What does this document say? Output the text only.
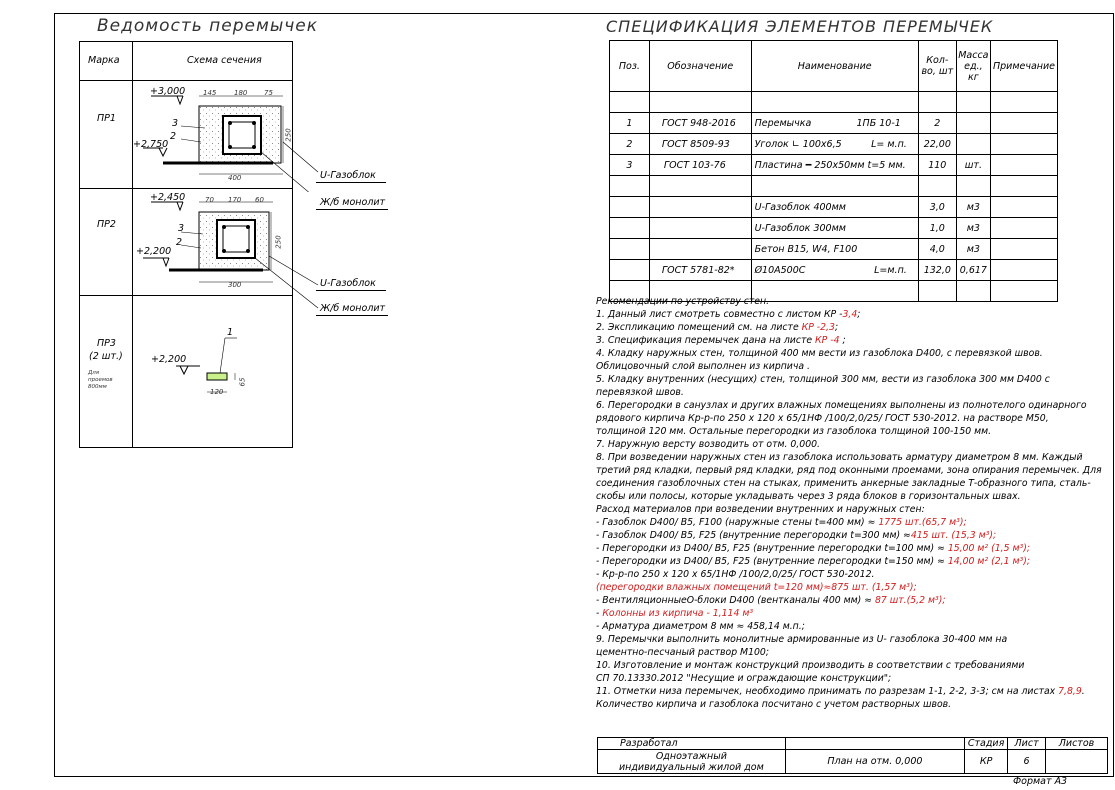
Ведомость перемычек
Марка	Схема сечения
ПР1
ПР2
ПР3
(2 шт.)
Для проемов 800мм
+3,000
+2,750
3
2
145	180 75
400
250
U-Газоблок
Ж/б монолит
+2,450
+2,200
3
2
70 170 60
300
250
U-Газоблок
Ж/б монолит
+2,200
1
120
65
СПЕЦИФИКАЦИЯ ЭЛЕМЕНТОВ ПЕРЕМЫЧЕК
Поз.	Обозначение	Наименование	Кол-во, шт	Масса ед., кг	Примечание

1	ГОСТ 948-2016	Перемычка 1ПБ 10-1	2		
2	ГОСТ 8509-93	Уголок ∟ 100x6,5 L= м.п.	22,00		
3	ГОСТ 103-76	Пластина ━ 250x50мм t=5 мм.	110	шт.	

		U-Газоблок 400мм	3,0	м3	
		U-Газоблок 300мм	1,0	м3	
		Бетон B15, W4, F100	4,0	м3	
	ГОСТ 5781-82*	Ø10А500С L=м.п.	132,0	0,617	

Рекомендации по устройству стен.
1. Данный лист смотреть совместно с листом КР -3,4;
2. Экспликацию помещений см. на листе КР -2,3;
3. Спецификация перемычек дана на листе КР -4 ;
4. Кладку наружных стен, толщиной 400 мм вести из газоблока D400, с перевязкой швов.
Облицовочный слой выполнен из кирпича .
5. Кладку внутренних (несущих) стен, толщиной 300 мм, вести из газоблока 300 мм D400 с
перевязкой швов.
6. Перегородки в санузлах и других влажных помещениях выполнены из полнотелого одинарного
рядового кирпича Кр-р-по 250 x 120 x 65/1НФ /100/2,0/25/ ГОСТ 530-2012. на растворе М50,
толщиной 120 мм. Остальные перегородки из газоблока толщиной 100-150 мм.
7. Наружную версту возводить от отм. 0,000.
8. При возведении наружных стен из газоблока использовать арматуру диаметром 8 мм. Каждый
третий ряд кладки, первый ряд кладки, ряд под оконными проемами, зона опирания перемычек. Для
соединения газоблочных стен на стыках, применить анкерные закладные Т-образного типа, сталь-
скобы или полосы, которые укладывать через 3 ряда блоков в горизонтальных швах.
Расход материалов при возведении внутренних и наружных стен:
- Газоблок D400/ B5, F100 (наружные стены t=400 мм) ≈ 1775 шт.(65,7 м³);
- Газоблок D400/ B5, F25 (внутренние перегородки t=300 мм) ≈415 шт. (15,3 м³);
- Перегородки из D400/ B5, F25 (внутренние перегородки t=100 мм) ≈ 15,00 м² (1,5 м³);
- Перегородки из D400/ B5, F25 (внутренние перегородки t=150 мм) ≈ 14,00 м² (2,1 м³);
- Кр-р-по 250 x 120 x 65/1НФ /100/2,0/25/ ГОСТ 530-2012.
(перегородки влажных помещений t=120 мм)≈875 шт. (1,57 м³);
- ВентиляционныеО-блоки D400 (вентканалы 400 мм) ≈ 87 шт.(5,2 м³);
- Колонны из кирпича - 1,114 м³
- Арматура диаметром 8 мм ≈ 458,14 м.п.;
9. Перемычки выполнить монолитные армированные из U- газоблока 30-400 мм на
цементно-песчаный раствор М100;
10. Изготовление и монтаж конструкций производить в соответствии с требованиями
СП 70.13330.2012 "Несущие и ограждающие конструкции";
11. Отметки низа перемычек, необходимо принимать по разрезам 1-1, 2-2, 3-3; см на листах 7,8,9.
Количество кирпича и газоблока посчитано с учетом растворных швов.
Разработал		Стадия	Лист	Листов
Одноэтажный индивидуальный жилой дом	План на отм. 0,000	КР	6	
Формат А3
